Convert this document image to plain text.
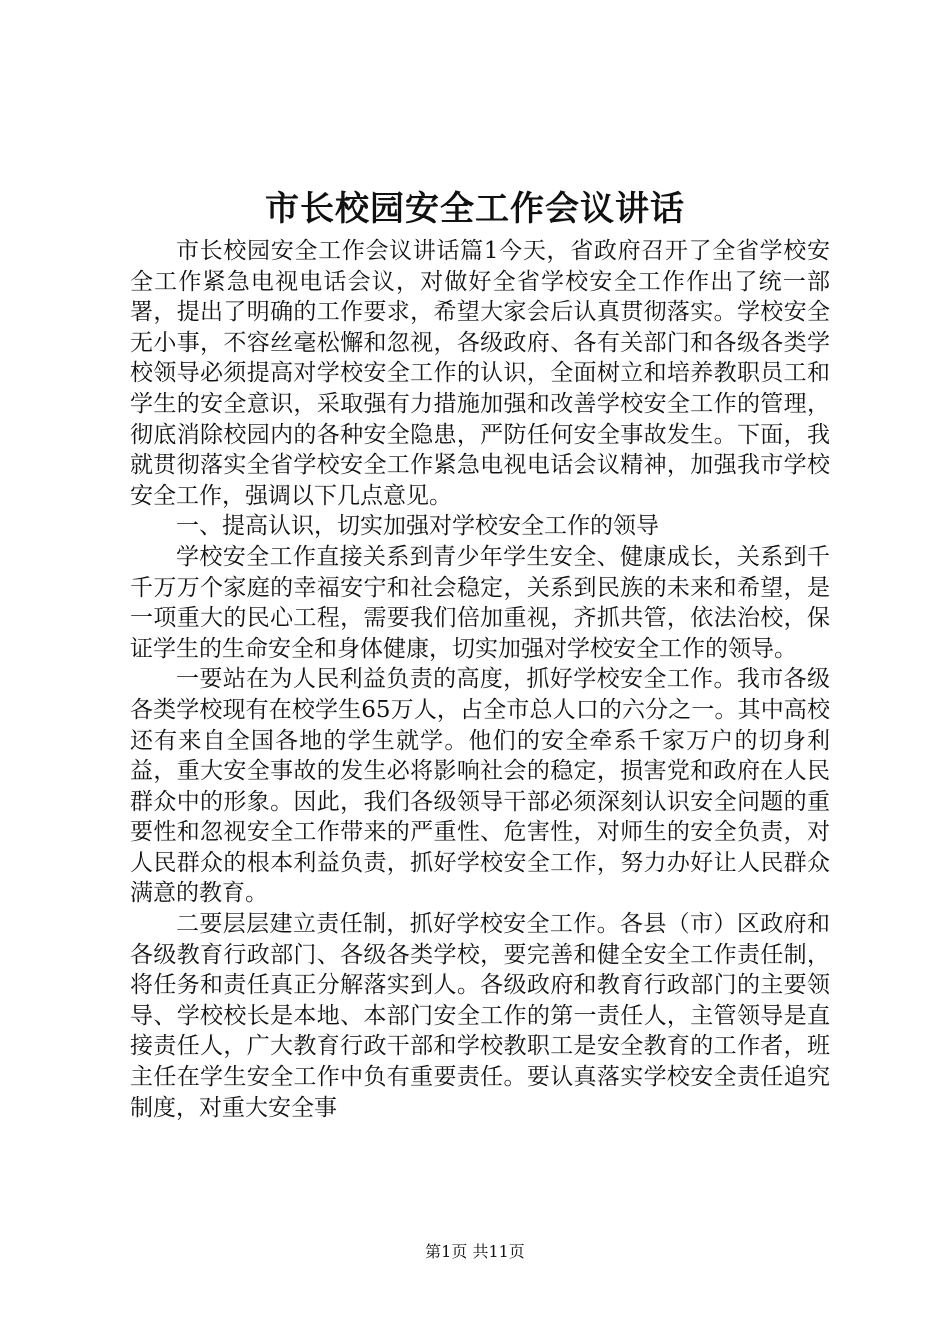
市长校园安全工作会议讲话

市长校园安全工作会议讲话篇1今天，省政府召开了全省学校安全工作紧急电视电话会议，对做好全省学校安全工作作出了统一部署，提出了明确的工作要求，希望大家会后认真贯彻落实。学校安全无小事，不容丝毫松懈和忽视，各级政府、各有关部门和各级各类学校领导必须提高对学校安全工作的认识，全面树立和培养教职员工和学生的安全意识，采取强有力措施加强和改善学校安全工作的管理，彻底消除校园内的各种安全隐患，严防任何安全事故发生。下面，我就贯彻落实全省学校安全工作紧急电视电话会议精神，加强我市学校安全工作，强调以下几点意见。

一、提高认识，切实加强对学校安全工作的领导

学校安全工作直接关系到青少年学生安全、健康成长，关系到千千万万个家庭的幸福安宁和社会稳定，关系到民族的未来和希望，是一项重大的民心工程，需要我们倍加重视，齐抓共管，依法治校，保证学生的生命安全和身体健康，切实加强对学校安全工作的领导。

一要站在为人民利益负责的高度，抓好学校安全工作。我市各级各类学校现有在校学生65万人，占全市总人口的六分之一。其中高校还有来自全国各地的学生就学。他们的安全牵系千家万户的切身利益，重大安全事故的发生必将影响社会的稳定，损害党和政府在人民群众中的形象。因此，我们各级领导干部必须深刻认识安全问题的重要性和忽视安全工作带来的严重性、危害性，对师生的安全负责，对人民群众的根本利益负责，抓好学校安全工作，努力办好让人民群众满意的教育。

二要层层建立责任制，抓好学校安全工作。各县（市）区政府和各级教育行政部门、各级各类学校，要完善和健全安全工作责任制，将任务和责任真正分解落实到人。各级政府和教育行政部门的主要领导、学校校长是本地、本部门安全工作的第一责任人，主管领导是直接责任人，广大教育行政干部和学校教职工是安全教育的工作者，班主任在学生安全工作中负有重要责任。要认真落实学校安全责任追究制度，对重大安全事

第1页 共11页
